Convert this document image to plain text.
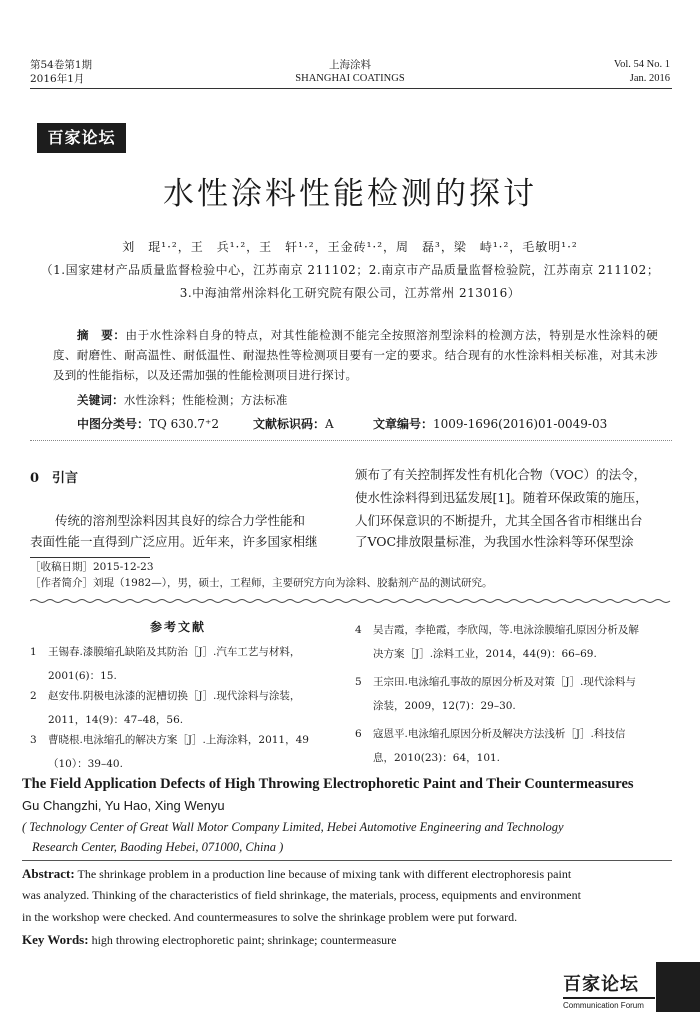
第54卷第1期
2016年1月
上海涂料
SHANGHAI COATINGS
Vol. 54 No. 1
Jan. 2016
百家论坛
水性涂料性能检测的探讨
刘　琨¹·²，王　兵¹·²，王　轩¹·²，王金砖¹·²，周　磊³，梁　峙¹·²，毛敏明¹·²
（1.国家建材产品质量监督检验中心，江苏南京 211102；2.南京市产品质量监督检验院，江苏南京 211102；
3.中海油常州涂料化工研究院有限公司，江苏常州 213016）
摘　要：由于水性涂料自身的特点，对其性能检测不能完全按照溶剂型涂料的检测方法，特别是水性涂料的硬度、耐磨性、耐高温性、耐低温性、耐湿热性等检测项目要有一定的要求。结合现有的水性涂料相关标准，对其未涉及到的性能指标，以及还需加强的性能检测项目进行探讨。
关键词：水性涂料；性能检测；方法标准
中图分类号：TQ 630.7⁺2	文献标识码：A	文章编号：1009-1696(2016)01-0049-03
0　引言
传统的溶剂型涂料因其良好的综合力学性能和
表面性能一直得到广泛应用。近年来，许多国家相继
颁布了有关控制挥发性有机化合物（VOC）的法令，
使水性涂料得到迅猛发展[1]。随着环保政策的施压，
人们环保意识的不断提升，尤其全国各省市相继出台
了VOC排放限量标准，为我国水性涂料等环保型涂
［收稿日期］2015-12-23
［作者简介］刘琨（1982—），男，硕士，工程师，主要研究方向为涂料、胶黏剂产品的测试研究。
参考文献
1 王锡春.漆膜缩孔缺陷及其防治［J］.汽车工艺与材料，
2001(6)：15.
2 赵安伟.阴极电泳漆的泥槽切换［J］.现代涂料与涂装，
2011，14(9)：47–48，56.
3 曹晓根.电泳缩孔的解决方案［J］.上海涂料，2011，49
（10）：39–40.
4 吴吉霞，李艳霞，李欣闯，等.电泳涂膜缩孔原因分析及解
决方案［J］.涂料工业，2014，44(9)：66–69.
5 王宗田.电泳缩孔事故的原因分析及对策［J］.现代涂料与
涂装，2009，12(7)：29–30.
6 寇恩平.电泳缩孔原因分析及解决方法浅析［J］.科技信
息，2010(23)：64，101.
The Field Application Defects of High Throwing Electrophoretic Paint and Their Countermeasures
Gu Changzhi, Yu Hao, Xing Wenyu
( Technology Center of Great Wall Motor Company Limited, Hebei Automotive Engineering and Technology
Research Center, Baoding Hebei, 071000, China )
Abstract: The shrinkage problem in a production line because of mixing tank with different electrophoresis paint
was analyzed. Thinking of the characteristics of field shrinkage, the materials, process, equipments and environment
in the workshop were checked. And countermeasures to solve the shrinkage problem were put forward.
Key Words: high throwing electrophoretic paint; shrinkage; countermeasure
百家论坛
Communication Forum
